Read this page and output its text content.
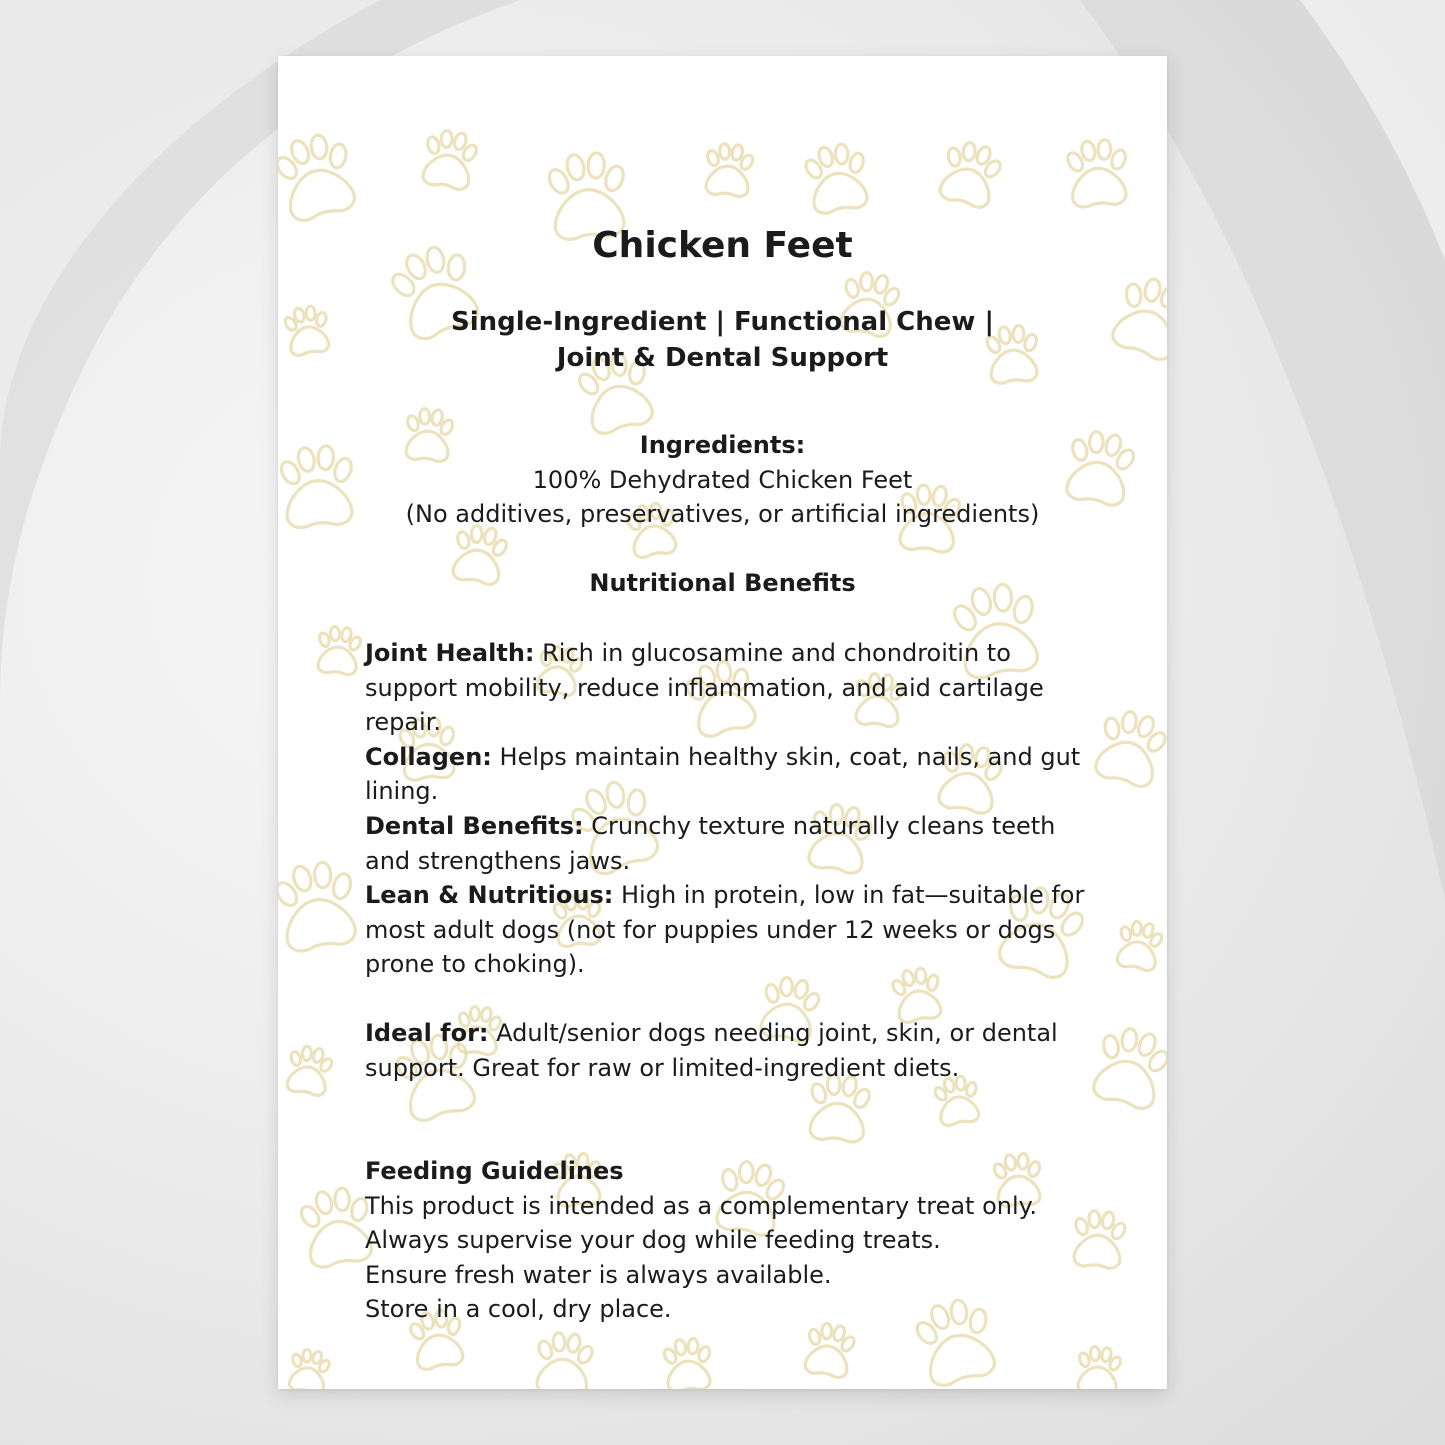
Chicken Feet

Single-Ingredient | Functional Chew |

Joint & Dental Support

Ingredients:

100% Dehydrated Chicken Feet

(No additives, preservatives, or artificial ingredients)

Nutritional Benefits

Joint Health: Rich in glucosamine and chondroitin to support mobility, reduce inflammation, and aid cartilage repair.

Collagen: Helps maintain healthy skin, coat, nails, and gut lining.

Dental Benefits: Crunchy texture naturally cleans teeth and strengthens jaws.

Lean & Nutritious: High in protein, low in fat—suitable for most adult dogs (not for puppies under 12 weeks or dogs prone to choking).

Ideal for: Adult/senior dogs needing joint, skin, or dental support. Great for raw or limited-ingredient diets.

Feeding Guidelines

This product is intended as a complementary treat only.

Always supervise your dog while feeding treats.

Ensure fresh water is always available.

Store in a cool, dry place.
